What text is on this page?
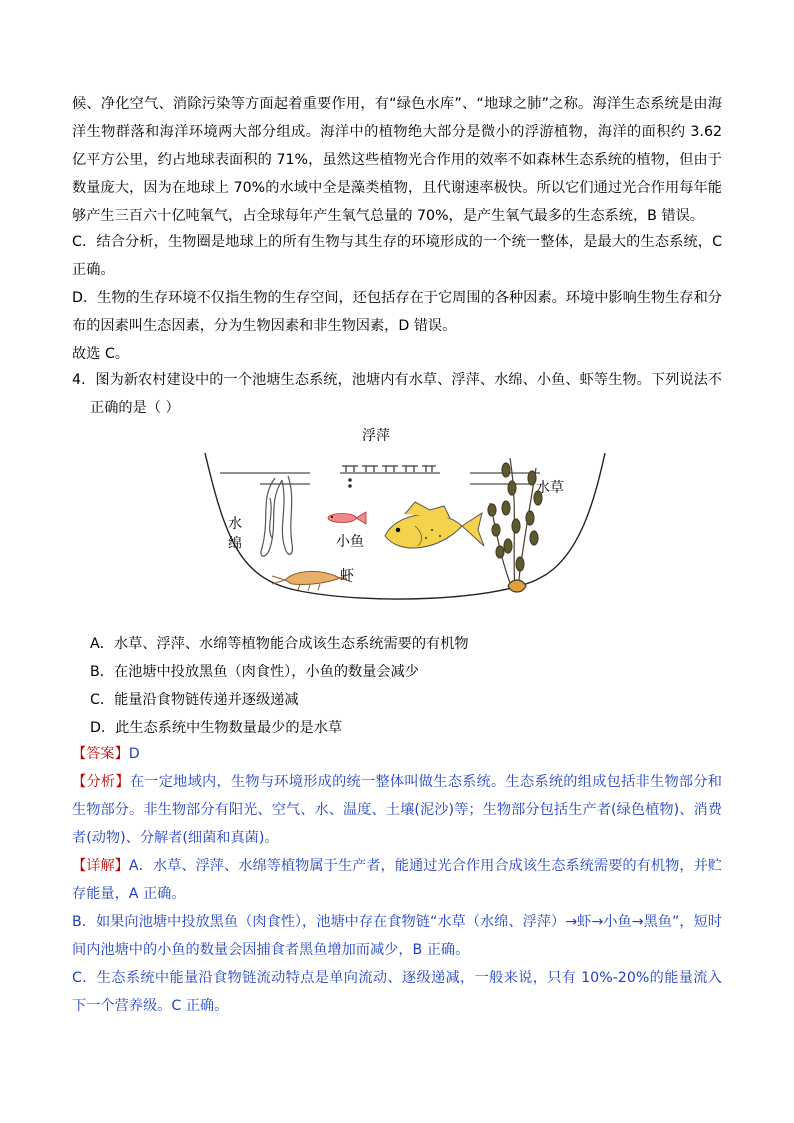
候、净化空气、消除污染等方面起着重要作用，有“绿色水库”、“地球之肺”之称。海洋生态系统是由海洋生物群落和海洋环境两大部分组成。海洋中的植物绝大部分是微小的浮游植物，海洋的面积约 3.62 亿平方公里，约占地球表面积的 71%，虽然这些植物光合作用的效率不如森林生态系统的植物，但由于数量庞大，因为在地球上 70%的水域中全是藻类植物，且代谢速率极快。所以它们通过光合作用每年能够产生三百六十亿吨氧气，占全球每年产生氧气总量的 70%，是产生氧气最多的生态系统，B 错误。

C．结合分析，生物圈是地球上的所有生物与其生存的环境形成的一个统一整体，是最大的生态系统，C 正确。

D．生物的生存环境不仅指生物的生存空间，还包括存在于它周围的各种因素。环境中影响生物生存和分布的因素叫生态因素，分为生物因素和非生物因素，D 错误。

故选 C。

4．图为新农村建设中的一个池塘生态系统，池塘内有水草、浮萍、水绵、小鱼、虾等生物。下列说法不正确的是（ ）

浮萍
水草
水
绵	小鱼
虾

A．水草、浮萍、水绵等植物能合成该生态系统需要的有机物

B．在池塘中投放黑鱼（肉食性），小鱼的数量会减少

C．能量沿食物链传递并逐级递减

D．此生态系统中生物数量最少的是水草

【答案】D

【分析】在一定地域内，生物与环境形成的统一整体叫做生态系统。生态系统的组成包括非生物部分和生物部分。非生物部分有阳光、空气、水、温度、土壤(泥沙)等；生物部分包括生产者(绿色植物)、消费者(动物)、分解者(细菌和真菌)。

【详解】A．水草、浮萍、水绵等植物属于生产者，能通过光合作用合成该生态系统需要的有机物，并贮存能量，A 正确。

B．如果向池塘中投放黑鱼（肉食性），池塘中存在食物链“水草（水绵、浮萍）→虾→小鱼→黑鱼”，短时间内池塘中的小鱼的数量会因捕食者黑鱼增加而减少，B 正确。

C．生态系统中能量沿食物链流动特点是单向流动、逐级递减，一般来说，只有 10%-20%的能量流入下一个营养级。C 正确。
